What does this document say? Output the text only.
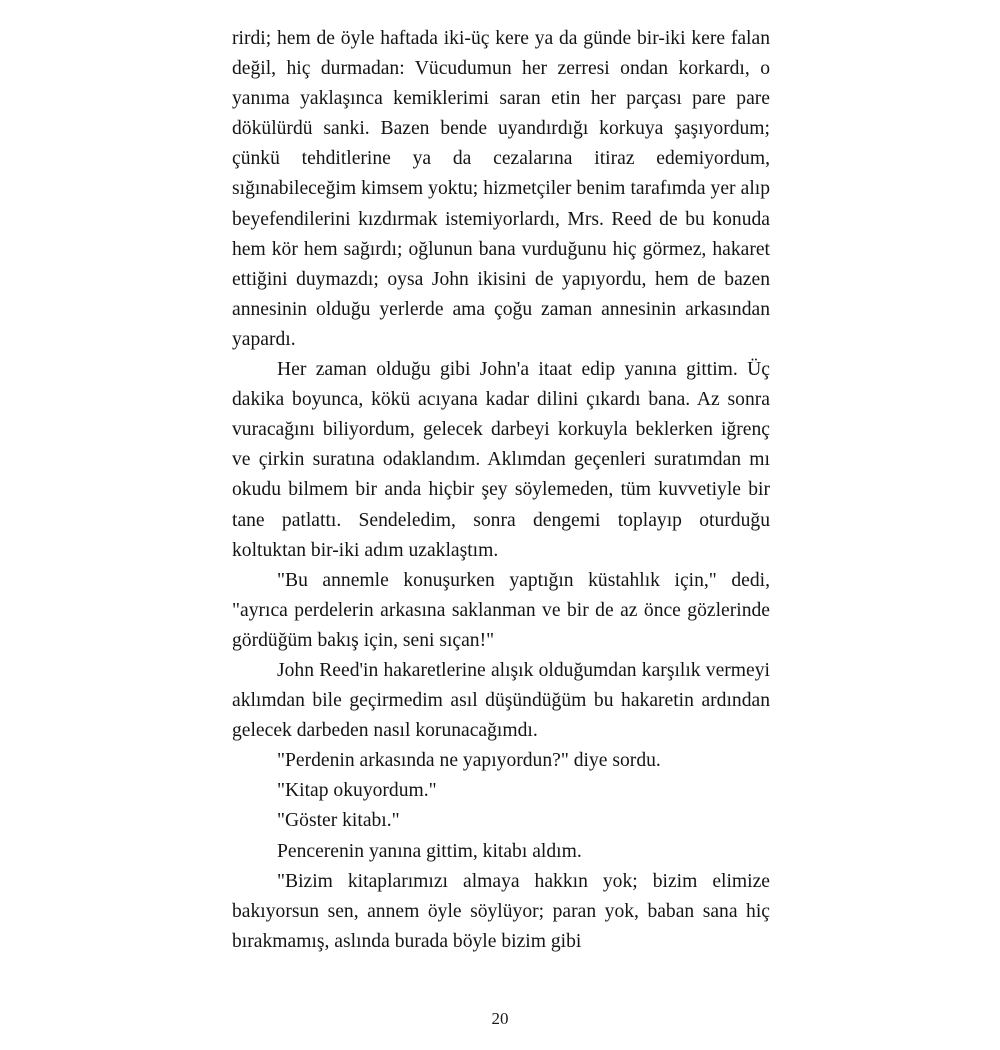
rirdi; hem de öyle haftada iki-üç kere ya da günde bir-iki kere falan değil, hiç durmadan: Vücudumun her zerresi ondan korkardı, o yanıma yaklaşınca kemiklerimi saran etin her parçası pare pare dökülürdü sanki. Bazen bende uyandırdığı korkuya şaşıyordum; çünkü tehditlerine ya da cezalarına itiraz edemiyordum, sığınabileceğim kimsem yoktu; hizmetçiler benim tarafımda yer alıp beyefendilerini kızdırmak istemiyorlardı, Mrs. Reed de bu konuda hem kör hem sağırdı; oğlunun bana vurduğunu hiç görmez, hakaret ettiğini duymazdı; oysa John ikisini de yapıyordu, hem de bazen annesinin olduğu yerlerde ama çoğu zaman annesinin arkasından yapardı.

Her zaman olduğu gibi John'a itaat edip yanına gittim. Üç dakika boyunca, kökü acıyana kadar dilini çıkardı bana. Az sonra vuracağını biliyordum, gelecek darbeyi korkuyla beklerken iğrenç ve çirkin suratına odaklandım. Aklımdan geçenleri suratımdan mı okudu bilmem bir anda hiçbir şey söylemeden, tüm kuvvetiyle bir tane patlattı. Sendeledim, sonra dengemi toplayıp oturduğu koltuktan bir-iki adım uzaklaştım.

"Bu annemle konuşurken yaptığın küstahlık için," dedi, "ayrıca perdelerin arkasına saklanman ve bir de az önce gözlerinde gördüğüm bakış için, seni sıçan!"

John Reed'in hakaretlerine alışık olduğumdan karşılık vermeyi aklımdan bile geçirmedim asıl düşündüğüm bu hakaretin ardından gelecek darbeden nasıl korunacağımdı.

"Perdenin arkasında ne yapıyordun?" diye sordu.

"Kitap okuyordum."

"Göster kitabı."

Pencerenin yanına gittim, kitabı aldım.

"Bizim kitaplarımızı almaya hakkın yok; bizim elimize bakıyorsun sen, annem öyle söylüyor; paran yok, baban sana hiç bırakmamış, aslında burada böyle bizim gibi

20
